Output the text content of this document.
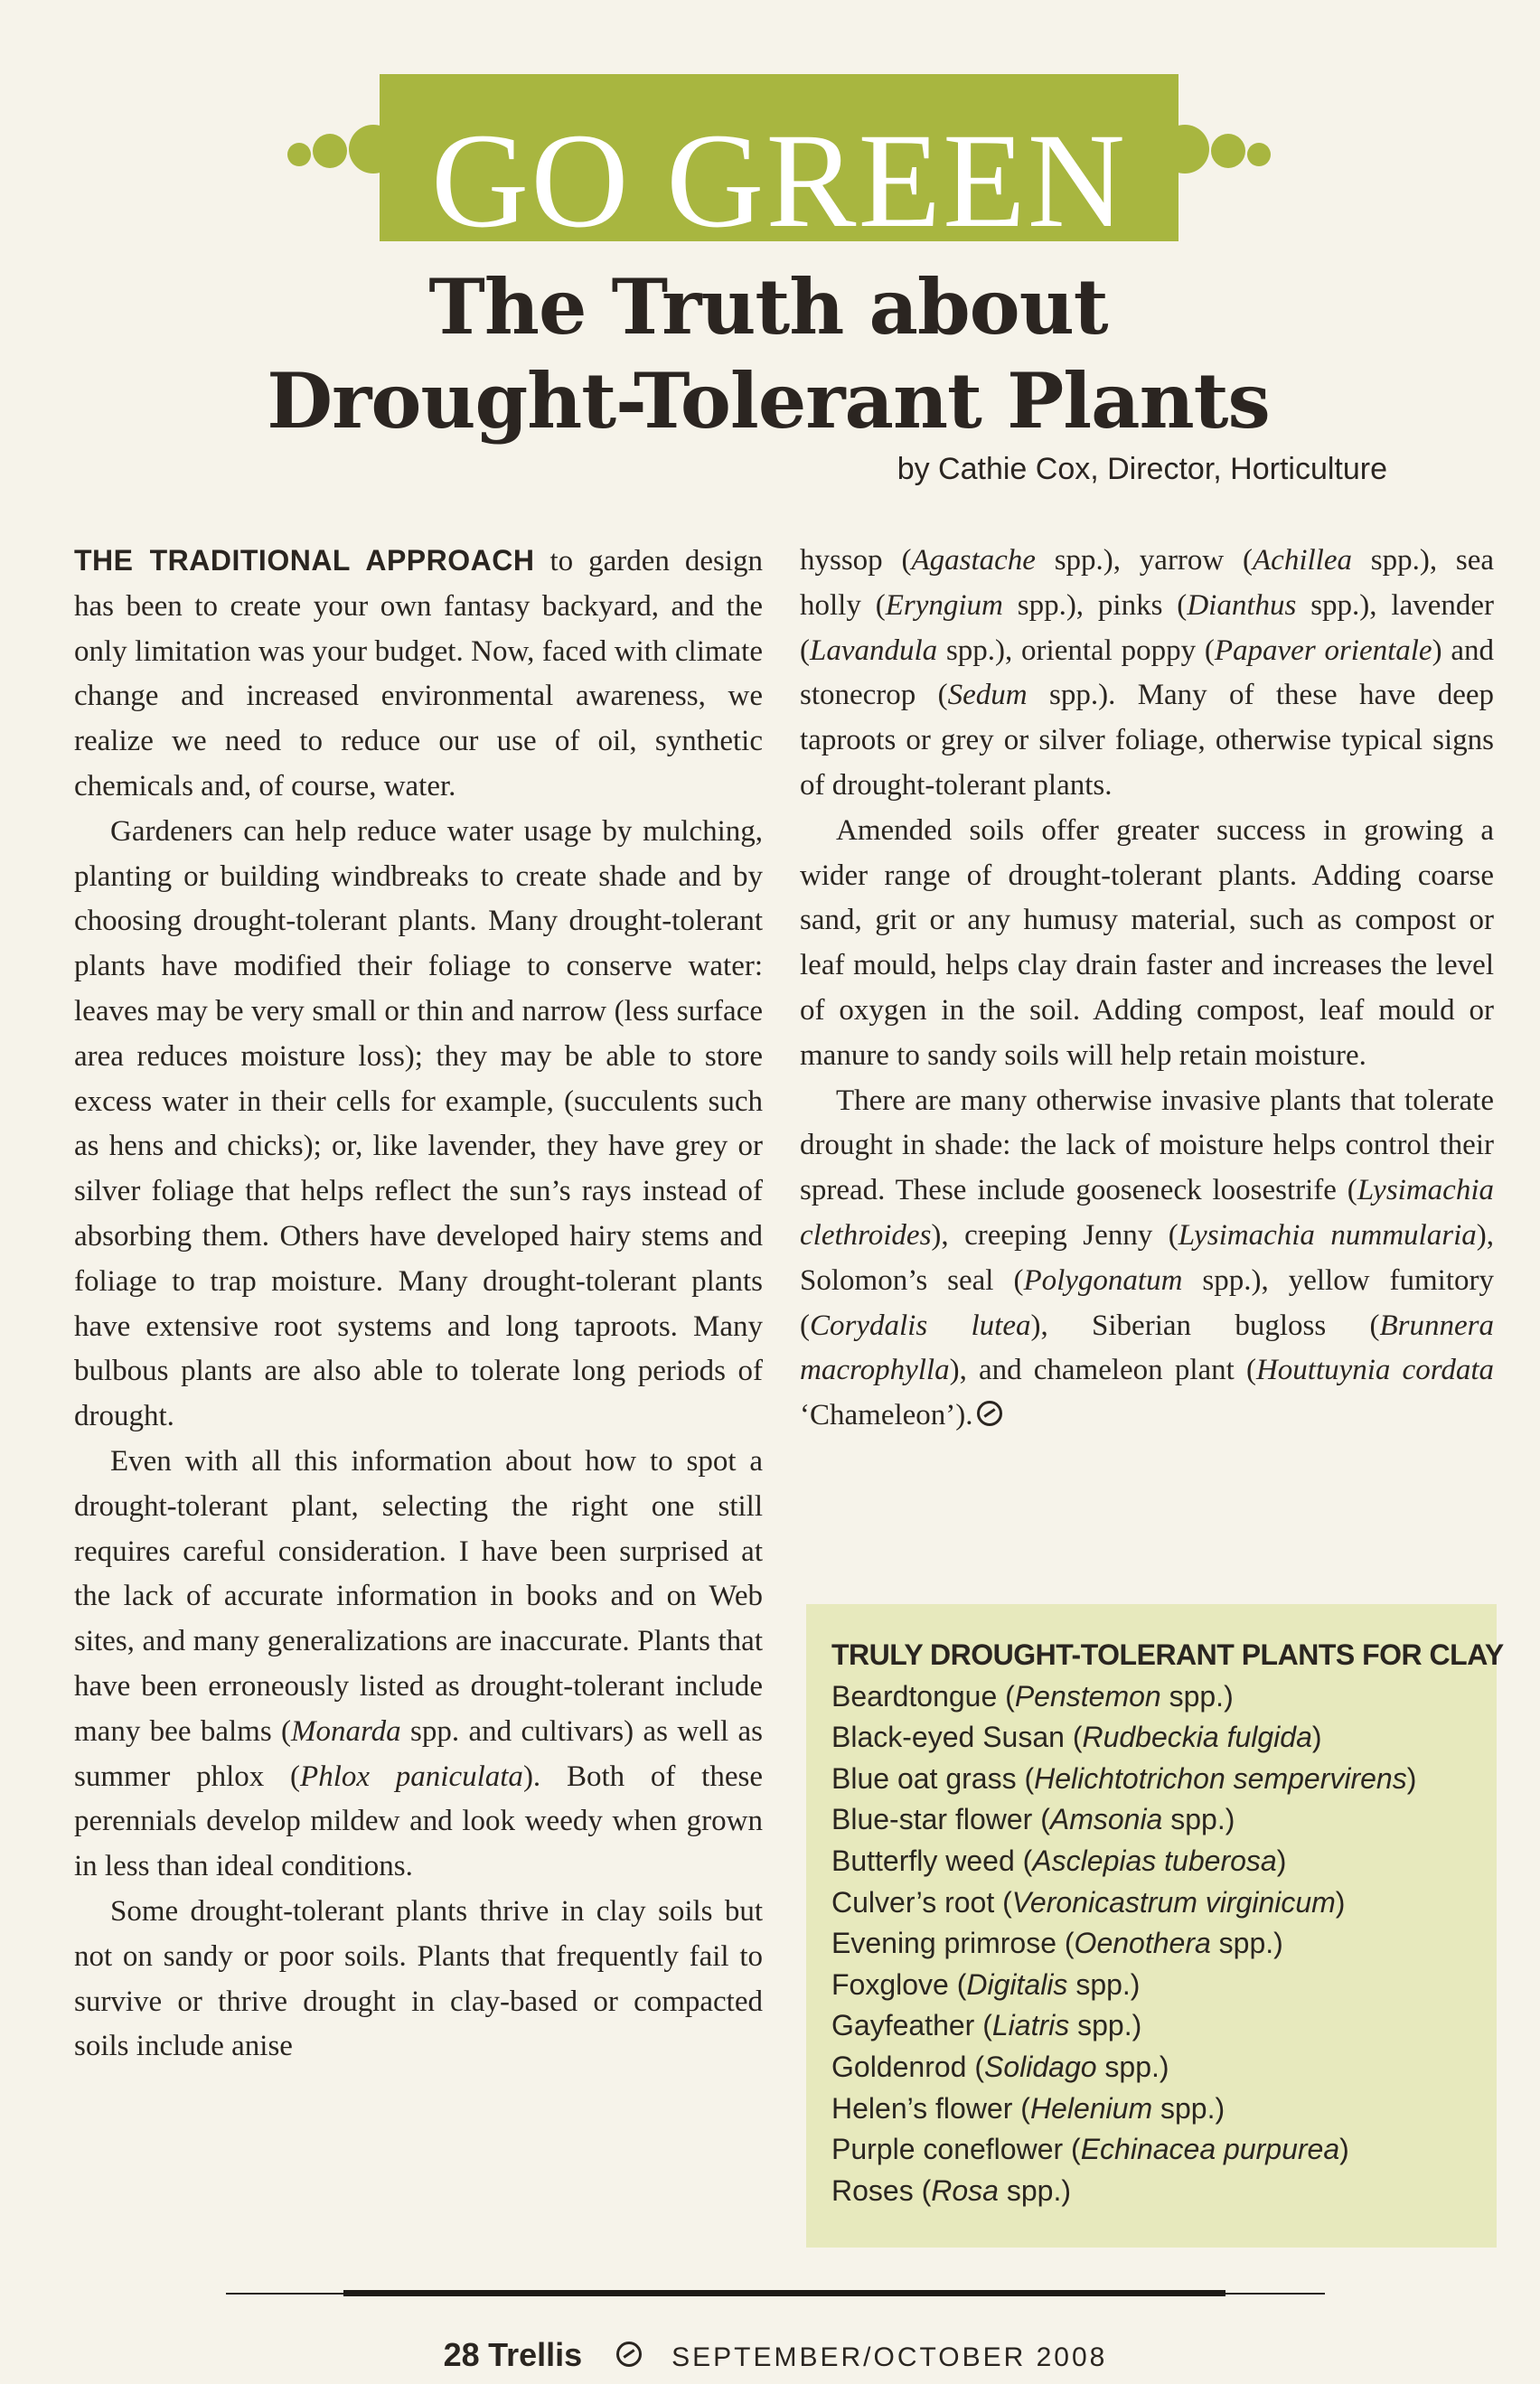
GO GREEN
The Truth about
Drought-Tolerant Plants
by Cathie Cox, Director, Horticulture

THE TRADITIONAL APPROACH to garden design has been to create your own fantasy backyard, and the only limitation was your budget. Now, faced with climate change and increased environmental awareness, we realize we need to reduce our use of oil, synthetic chemicals and, of course, water.

Gardeners can help reduce water usage by mulching, planting or building windbreaks to create shade and by choosing drought-tolerant plants. Many drought-tolerant plants have modified their foliage to conserve water: leaves may be very small or thin and narrow (less surface area reduces moisture loss); they may be able to store excess water in their cells for example, (succulents such as hens and chicks); or, like lavender, they have grey or silver foliage that helps reflect the sun’s rays instead of absorbing them. Others have developed hairy stems and foliage to trap moisture. Many drought-tolerant plants have extensive root systems and long taproots. Many bulbous plants are also able to tolerate long periods of drought.

Even with all this information about how to spot a drought-tolerant plant, selecting the right one still requires careful consideration. I have been surprised at the lack of accurate information in books and on Web sites, and many generalizations are inaccurate. Plants that have been erroneously listed as drought-tolerant include many bee balms (Monarda spp. and cultivars) as well as summer phlox (Phlox paniculata). Both of these perennials develop mildew and look weedy when grown in less than ideal conditions.

Some drought-tolerant plants thrive in clay soils but not on sandy or poor soils. Plants that frequently fail to survive or thrive drought in clay-based or compacted soils include anise

hyssop (Agastache spp.), yarrow (Achillea spp.), sea holly (Eryngium spp.), pinks (Dianthus spp.), lavender (Lavandula spp.), oriental poppy (Papaver orientale) and stonecrop (Sedum spp.). Many of these have deep taproots or grey or silver foliage, otherwise typical signs of drought-tolerant plants.

Amended soils offer greater success in growing a wider range of drought-tolerant plants. Adding coarse sand, grit or any humusy material, such as compost or leaf mould, helps clay drain faster and increases the level of oxygen in the soil. Adding compost, leaf mould or manure to sandy soils will help retain moisture.

There are many otherwise invasive plants that tolerate drought in shade: the lack of moisture helps control their spread. These include gooseneck loosestrife (Lysimachia clethroides), creeping Jenny (Lysimachia nummularia), Solomon’s seal (Polygonatum spp.), yellow fumitory (Corydalis lutea), Siberian bugloss (Brunnera macrophylla), and chameleon plant (Houttuynia cordata ‘Chameleon’).

TRULY DROUGHT-TOLERANT PLANTS FOR CLAY
Beardtongue (Penstemon spp.)
Black-eyed Susan (Rudbeckia fulgida)
Blue oat grass (Helichtotrichon sempervirens)
Blue-star flower (Amsonia spp.)
Butterfly weed (Asclepias tuberosa)
Culver’s root (Veronicastrum virginicum)
Evening primrose (Oenothera spp.)
Foxglove (Digitalis spp.)
Gayfeather (Liatris spp.)
Goldenrod (Solidago spp.)
Helen’s flower (Helenium spp.)
Purple coneflower (Echinacea purpurea)
Roses (Rosa spp.)
28 Trellis	SEPTEMBER/OCTOBER 2008
